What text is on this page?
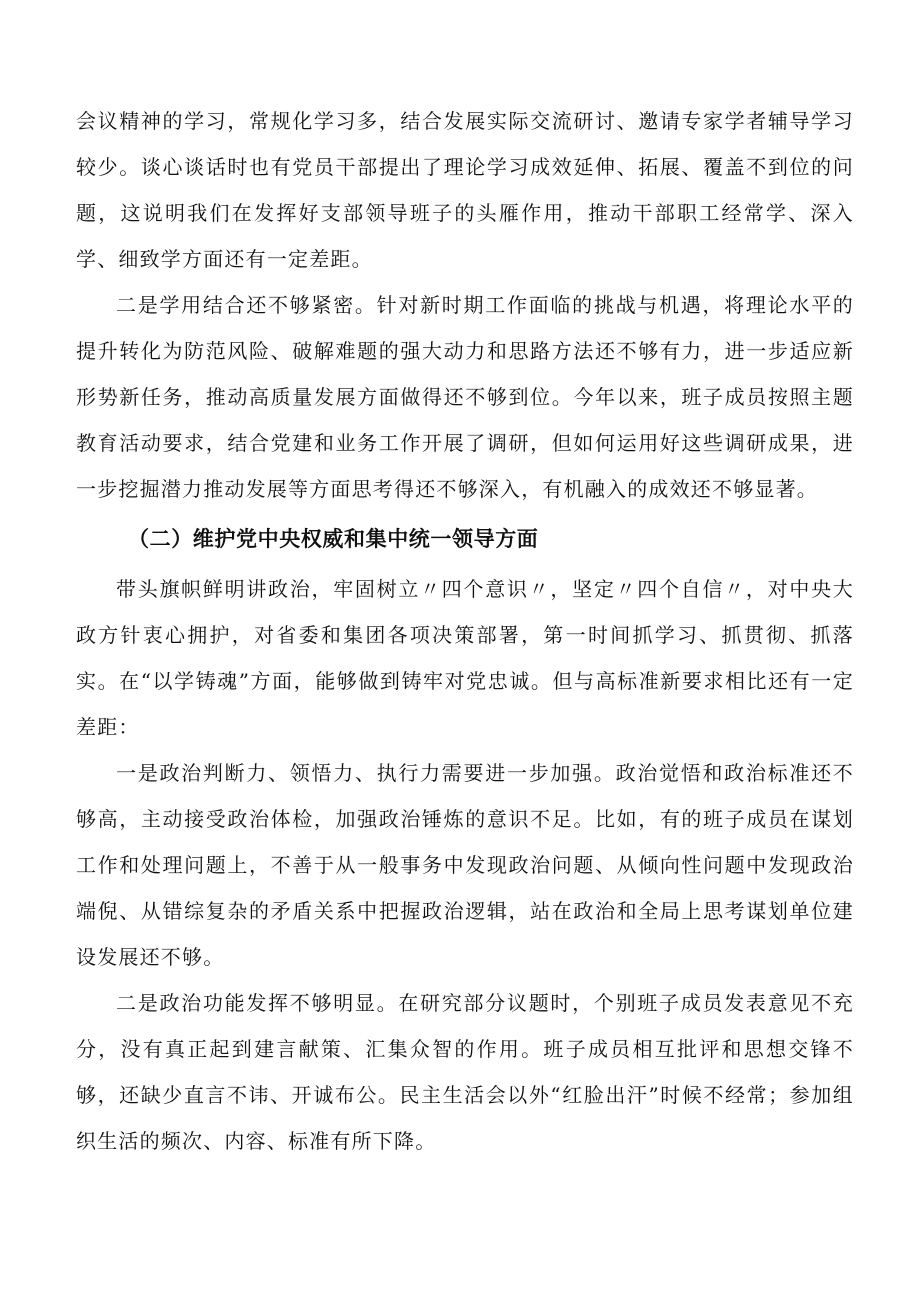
会议精神的学习，常规化学习多，结合发展实际交流研讨、邀请专家学者辅导学习较少。谈心谈话时也有党员干部提出了理论学习成效延伸、拓展、覆盖不到位的问题，这说明我们在发挥好支部领导班子的头雁作用，推动干部职工经常学、深入学、细致学方面还有一定差距。

二是学用结合还不够紧密。针对新时期工作面临的挑战与机遇，将理论水平的提升转化为防范风险、破解难题的强大动力和思路方法还不够有力，进一步适应新形势新任务，推动高质量发展方面做得还不够到位。今年以来，班子成员按照主题教育活动要求，结合党建和业务工作开展了调研，但如何运用好这些调研成果，进一步挖掘潜力推动发展等方面思考得还不够深入，有机融入的成效还不够显著。

（二）维护党中央权威和集中统一领导方面

带头旗帜鲜明讲政治，牢固树立〃四个意识〃，坚定〃四个自信〃，对中央大政方针衷心拥护，对省委和集团各项决策部署，第一时间抓学习、抓贯彻、抓落实。在“以学铸魂”方面，能够做到铸牢对党忠诚。但与高标准新要求相比还有一定差距：

一是政治判断力、领悟力、执行力需要进一步加强。政治觉悟和政治标准还不够高，主动接受政治体检，加强政治锤炼的意识不足。比如，有的班子成员在谋划工作和处理问题上，不善于从一般事务中发现政治问题、从倾向性问题中发现政治端倪、从错综复杂的矛盾关系中把握政治逻辑，站在政治和全局上思考谋划单位建设发展还不够。

二是政治功能发挥不够明显。在研究部分议题时，个别班子成员发表意见不充分，没有真正起到建言献策、汇集众智的作用。班子成员相互批评和思想交锋不够，还缺少直言不讳、开诚布公。民主生活会以外“红脸出汗”时候不经常；参加组织生活的频次、内容、标准有所下降。
